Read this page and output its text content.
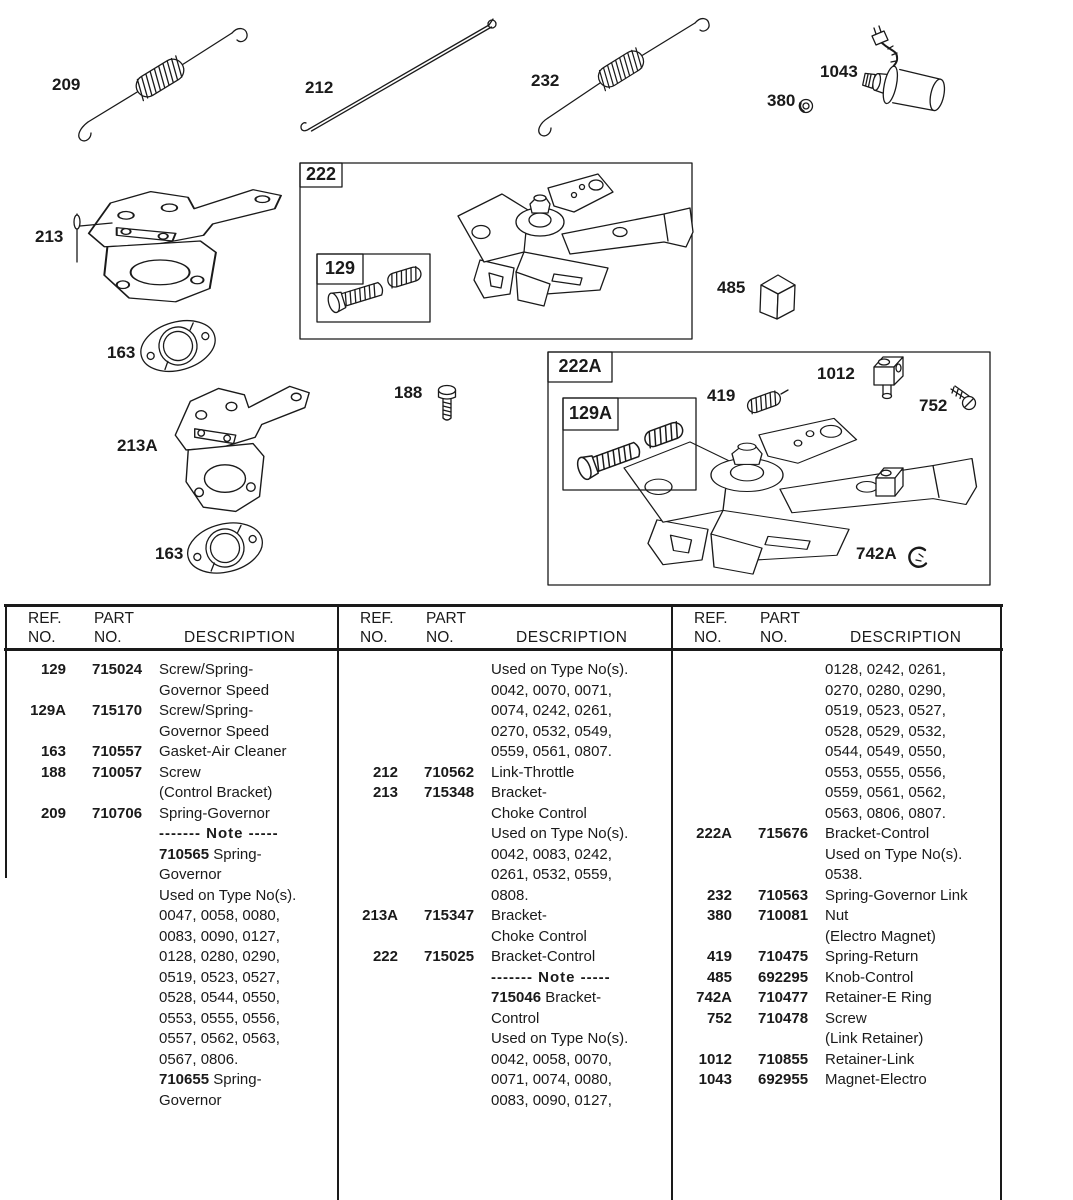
209	212	232
380
1043
213
222
129
485
163
188
213A
163
222A
129A
419
1012
752
742A
REF.	PART
NO.	NO.	DESCRIPTION
REF.	PART
NO.	NO.	DESCRIPTION
REF.	PART
NO.	NO.	DESCRIPTION
129 715024	Screw/Spring-
Governor Speed
129A 715170	Screw/Spring-
Governor Speed
163 710557	Gasket-Air Cleaner
188 710057	Screw
(Control Bracket)
209 710706	Spring-Governor
------- Note -----
710565 Spring-
Governor
Used on Type No(s).
0047, 0058, 0080,
0083, 0090, 0127,
0128, 0280, 0290,
0519, 0523, 0527,
0528, 0544, 0550,
0553, 0555, 0556,
0557, 0562, 0563,
0567, 0806.
710655 Spring-
Governor
Used on Type No(s).
0042, 0070, 0071,
0074, 0242, 0261,
0270, 0532, 0549,
0559, 0561, 0807.
212 710562	Link-Throttle
213 715348	Bracket-
Choke Control
Used on Type No(s).
0042, 0083, 0242,
0261, 0532, 0559,
0808.
213A 715347	Bracket-
Choke Control
222 715025	Bracket-Control
------- Note -----
715046 Bracket-
Control
Used on Type No(s).
0042, 0058, 0070,
0071, 0074, 0080,
0083, 0090, 0127,
0128, 0242, 0261,
0270, 0280, 0290,
0519, 0523, 0527,
0528, 0529, 0532,
0544, 0549, 0550,
0553, 0555, 0556,
0559, 0561, 0562,
0563, 0806, 0807.
222A 715676	Bracket-Control
Used on Type No(s).
0538.
232 710563	Spring-Governor Link
380 710081	Nut
(Electro Magnet)
419 710475	Spring-Return
485 692295	Knob-Control
742A 710477	Retainer-E Ring
752 710478	Screw
(Link Retainer)
1012 710855	Retainer-Link
1043 692955	Magnet-Electro
